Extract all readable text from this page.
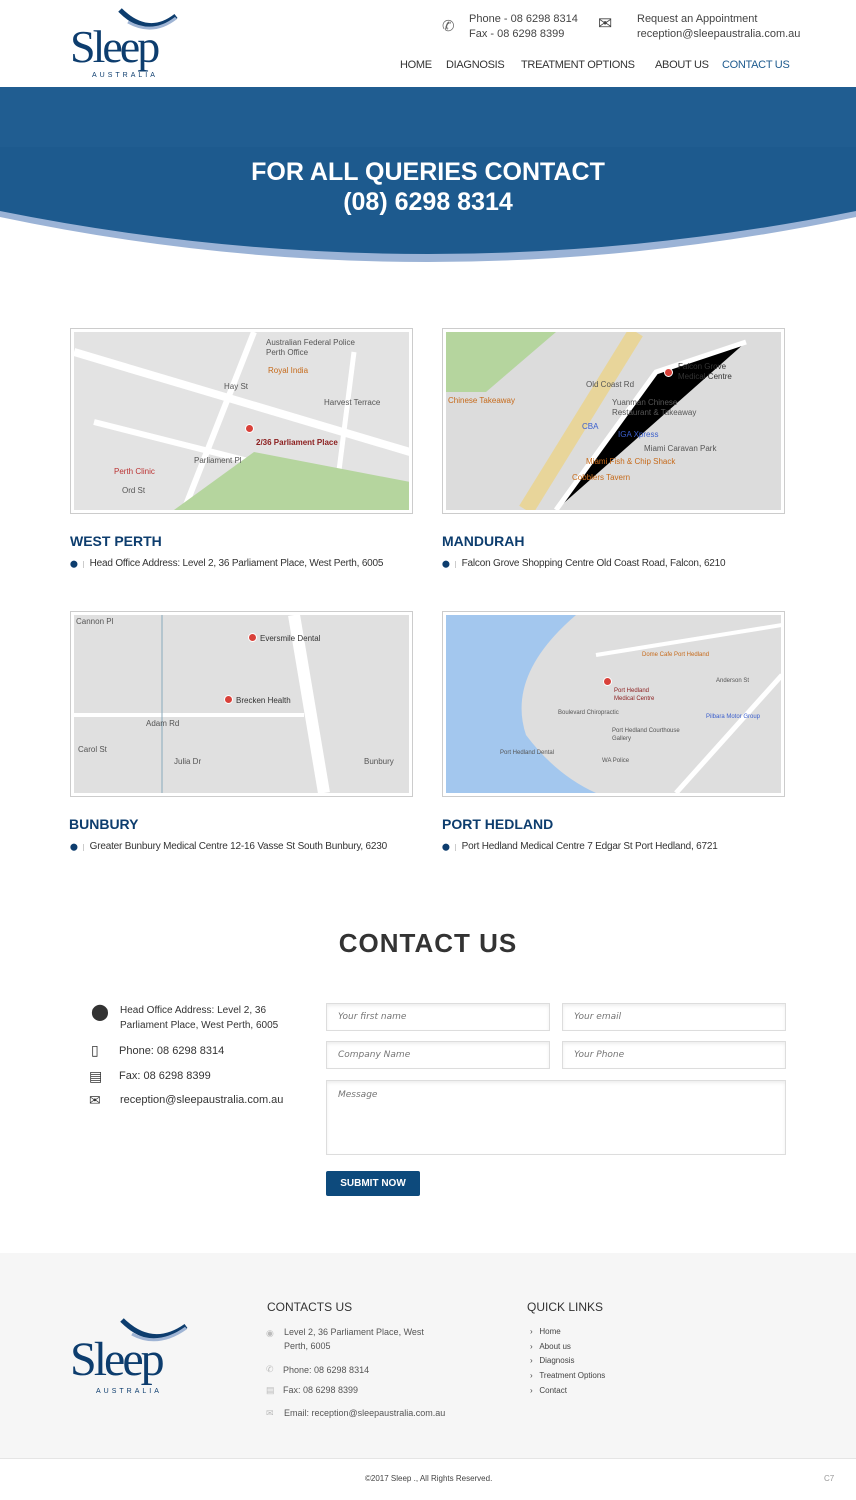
Sleep
AUSTRALIA
✆ Phone - 08 6298 8314
Fax - 08 6298 8399
✉ Request an Appointment
reception@sleepaustralia.com.au
HOME DIAGNOSIS TREATMENT OPTIONS ABOUT US CONTACT US
FOR ALL QUERIES CONTACT
(08) 6298 8314
2/36 Parliament Place
Australian Federal Police Perth Office
Royal India
Perth Clinic
Hay St
Parliament Pl
Ord St
Harvest Terrace
Falcon Grove Medical Centre
Yuanman Chinese Restaurant & Takeaway
IGA Xpress
Miami Caravan Park
Miami Fish & Chip Shack
Cobblers Tavern
Chinese Takeaway
CBA
Old Coast Rd
Eversmile Dental
Brecken Health
Adam Rd
Cannon Pl
Bunbury
Carol St
Julia Dr
Port Hedland Medical Centre
Boulevard Chiropractic
Port Hedland Courthouse Gallery
Port Hedland Dental
WA Police
Pilbara Motor Group
Dome Cafe Port Hedland
Anderson St
WEST PERTH
⬤ Head Office Address: Level 2, 36 Parliament Place, West Perth, 6005
MANDURAH
⬤ Falcon Grove Shopping Centre Old Coast Road, Falcon, 6210
BUNBURY
⬤ Greater Bunbury Medical Centre 12-16 Vasse St South Bunbury, 6230
PORT HEDLAND
⬤ Port Hedland Medical Centre 7 Edgar St Port Hedland, 6721
CONTACT US
⬤ Head Office Address: Level 2, 36 Parliament Place, West Perth, 6005
▯ Phone: 08 6298 8314
▤ Fax: 08 6298 8399
✉ reception@sleepaustralia.com.au
Your first name
Your email
Company Name
Your Phone
Message
SUBMIT NOW
Sleep
AUSTRALIA
CONTACTS US
◉ Level 2, 36 Parliament Place, West Perth, 6005
✆ Phone: 08 6298 8314
▤ Fax: 08 6298 8399
✉ Email: reception@sleepaustralia.com.au
QUICK LINKS
›   Home
›   About us
›   Diagnosis
›   Treatment Options
›   Contact
©2017 Sleep ., All Rights Reserved.	C7
